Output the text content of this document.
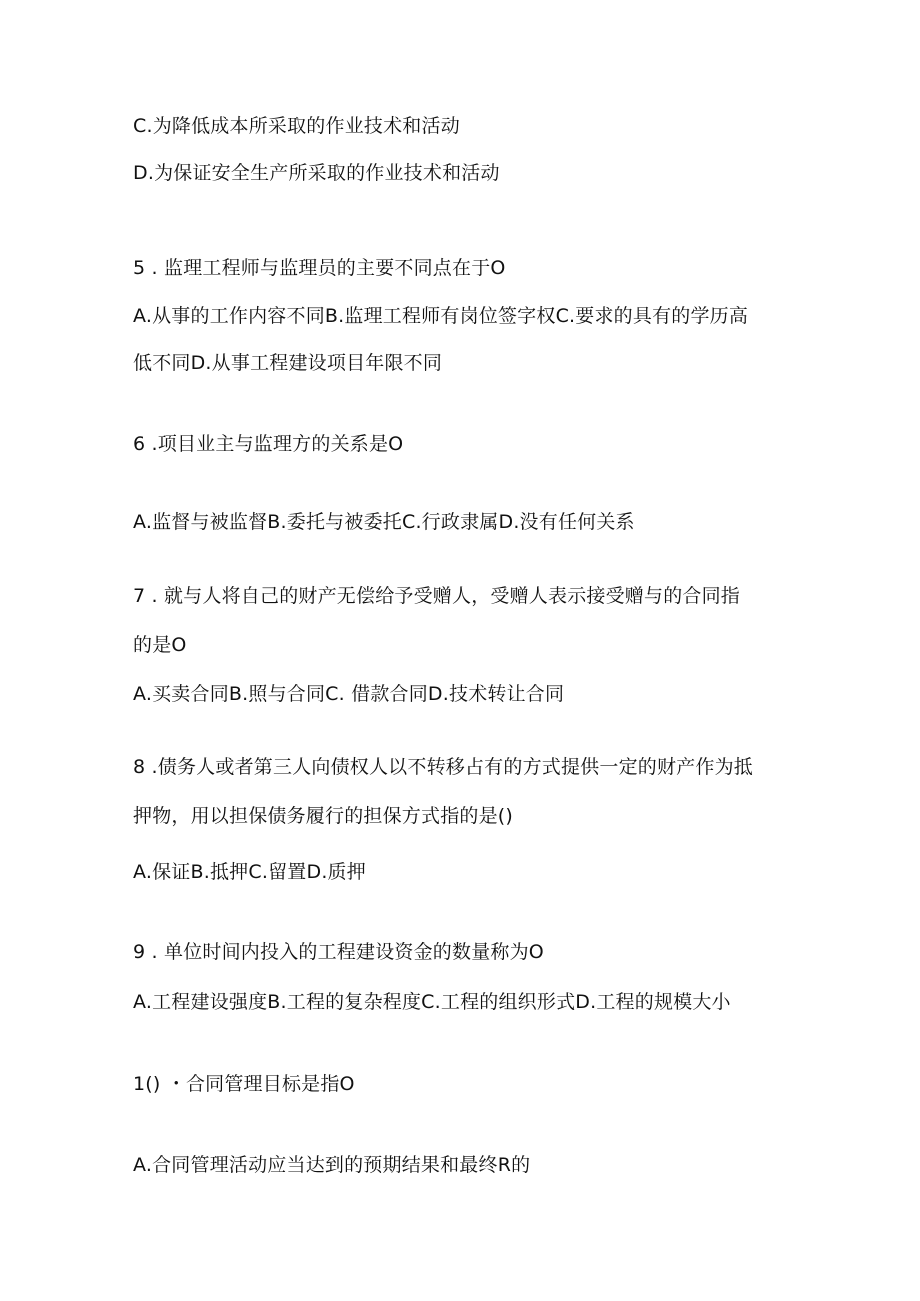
C.为降低成本所采取的作业技术和活动
D.为保证安全生产所采取的作业技术和活动
5 . 监理工程师与监理员的主要不同点在于O
A.从事的工作内容不同B.监理工程师有岗位签字权C.要求的具有的学历高
低不同D.从事工程建设项目年限不同
6 .项目业主与监理方的关系是O
A.监督与被监督B.委托与被委托C.行政隶属D.没有任何关系
7 . 就与人将自己的财产无偿给予受赠人，受赠人表示接受赠与的合同指
的是O
A.买卖合同B.照与合同C. 借款合同D.技术转让合同
8 .债务人或者第三人向债权人以不转移占有的方式提供一定的财产作为抵
押物，用以担保债务履行的担保方式指的是()
A.保证B.抵押C.留置D.质押
9 . 单位时间内投入的工程建设资金的数量称为O
A.工程建设强度B.工程的复杂程度C.工程的组织形式D.工程的规模大小
1() ・合同管理目标是指O
A.合同管理活动应当达到的预期结果和最终R的
